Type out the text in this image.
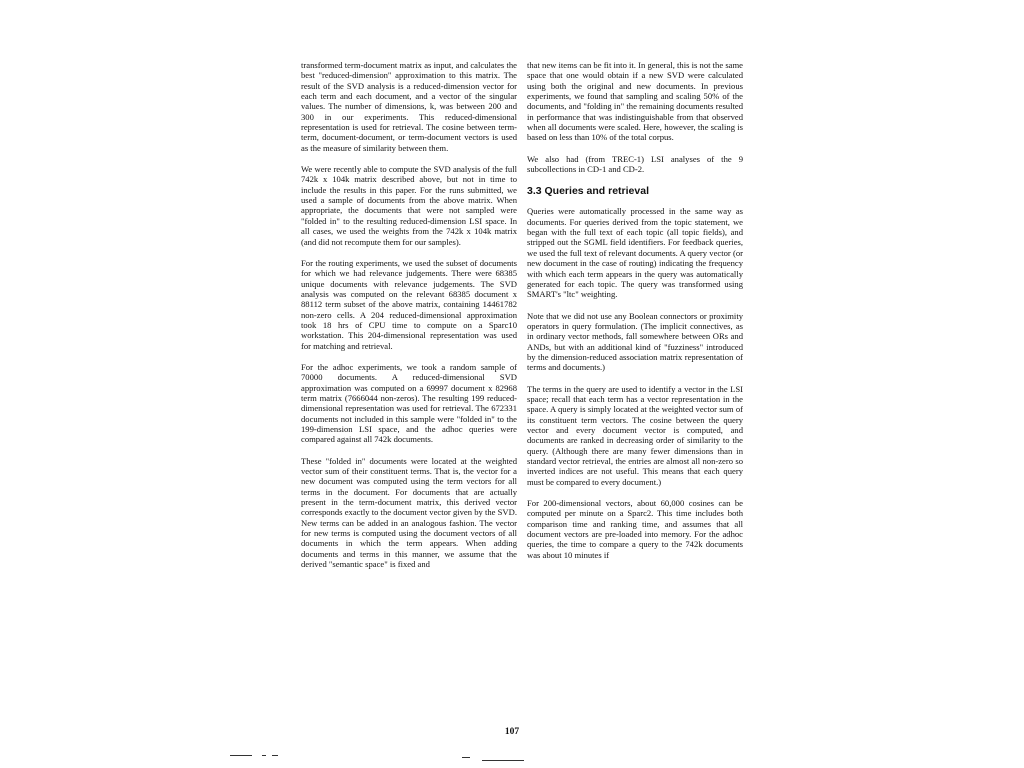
transformed term-document matrix as input, and calculates the best "reduced-dimension" approximation to this matrix. The result of the SVD analysis is a reduced-dimension vector for each term and each document, and a vector of the singular values. The number of dimensions, k, was between 200 and 300 in our experiments. This reduced-dimensional representation is used for retrieval. The cosine between term-term, document-document, or term-document vectors is used as the measure of similarity between them.

We were recently able to compute the SVD analysis of the full 742k x 104k matrix described above, but not in time to include the results in this paper. For the runs submitted, we used a sample of documents from the above matrix. When appropriate, the documents that were not sampled were "folded in" to the resulting reduced-dimension LSI space. In all cases, we used the weights from the 742k x 104k matrix (and did not recompute them for our samples).

For the routing experiments, we used the subset of documents for which we had relevance judgements. There were 68385 unique documents with relevance judgements. The SVD analysis was computed on the relevant 68385 document x 88112 term subset of the above matrix, containing 14461782 non-zero cells. A 204 reduced-dimensional approximation took 18 hrs of CPU time to compute on a Sparc10 workstation. This 204-dimensional representation was used for matching and retrieval.

For the adhoc experiments, we took a random sample of 70000 documents. A reduced-dimensional SVD approximation was computed on a 69997 document x 82968 term matrix (7666044 non-zeros). The resulting 199 reduced-dimensional representation was used for retrieval. The 672331 documents not included in this sample were "folded in" to the 199-dimension LSI space, and the adhoc queries were compared against all 742k documents.

These "folded in" documents were located at the weighted vector sum of their constituent terms. That is, the vector for a new document was computed using the term vectors for all terms in the document. For documents that are actually present in the term-document matrix, this derived vector corresponds exactly to the document vector given by the SVD. New terms can be added in an analogous fashion. The vector for new terms is computed using the document vectors of all documents in which the term appears. When adding documents and terms in this manner, we assume that the derived "semantic space" is fixed and

that new items can be fit into it. In general, this is not the same space that one would obtain if a new SVD were calculated using both the original and new documents. In previous experiments, we found that sampling and scaling 50% of the documents, and "folding in" the remaining documents resulted in performance that was indistinguishable from that observed when all documents were scaled. Here, however, the scaling is based on less than 10% of the total corpus.

We also had (from TREC-1) LSI analyses of the 9 subcollections in CD-1 and CD-2.

3.3 Queries and retrieval

Queries were automatically processed in the same way as documents. For queries derived from the topic statement, we began with the full text of each topic (all topic fields), and stripped out the SGML field identifiers. For feedback queries, we used the full text of relevant documents. A query vector (or new document in the case of routing) indicating the frequency with which each term appears in the query was automatically generated for each topic. The query was transformed using SMART's "ltc" weighting.

Note that we did not use any Boolean connectors or proximity operators in query formulation. (The implicit connectives, as in ordinary vector methods, fall somewhere between ORs and ANDs, but with an additional kind of "fuzziness" introduced by the dimension-reduced association matrix representation of terms and documents.)

The terms in the query are used to identify a vector in the LSI space; recall that each term has a vector representation in the space. A query is simply located at the weighted vector sum of its constituent term vectors. The cosine between the query vector and every document vector is computed, and documents are ranked in decreasing order of similarity to the query. (Although there are many fewer dimensions than in standard vector retrieval, the entries are almost all non-zero so inverted indices are not useful. This means that each query must be compared to every document.)

For 200-dimensional vectors, about 60,000 cosines can be computed per minute on a Sparc2. This time includes both comparison time and ranking time, and assumes that all document vectors are pre-loaded into memory. For the adhoc queries, the time to compare a query to the 742k documents was about 10 minutes if

107
